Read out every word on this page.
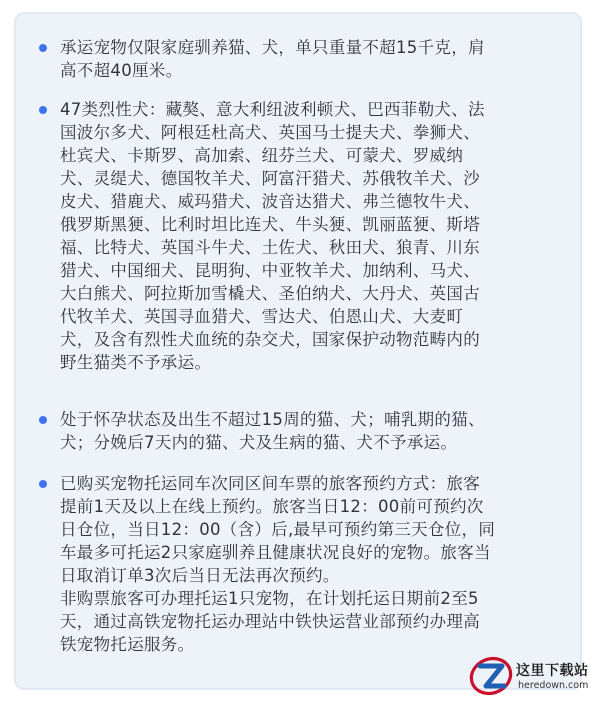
承运宠物仅限家庭驯养猫、犬，单只重量不超15千克，肩
高不超40厘米。
47类烈性犬：藏獒、意大利纽波利顿犬、巴西菲勒犬、法
国波尔多犬、阿根廷杜高犬、英国马士提夫犬、拳狮犬、
杜宾犬、卡斯罗、高加索、纽芬兰犬、可蒙犬、罗威纳
犬、灵缇犬、德国牧羊犬、阿富汗猎犬、苏俄牧羊犬、沙
皮犬、猎鹿犬、威玛猎犬、波音达猎犬、弗兰德牧牛犬、
俄罗斯黑㹴、比利时坦比连犬、牛头㹴、凯丽蓝㹴、斯塔
福、比特犬、英国斗牛犬、土佐犬、秋田犬、狼青、川东
猎犬、中国细犬、昆明狗、中亚牧羊犬、加纳利、马犬、
大白熊犬、阿拉斯加雪橇犬、圣伯纳犬、大丹犬、英国古
代牧羊犬、英国寻血猎犬、雪达犬、伯恩山犬、大麦町
犬，及含有烈性犬血统的杂交犬，国家保护动物范畴内的
野生猫类不予承运。
处于怀孕状态及出生不超过15周的猫、犬；哺乳期的猫、
犬；分娩后7天内的猫、犬及生病的猫、犬不予承运。
已购买宠物托运同车次同区间车票的旅客预约方式：旅客
提前1天及以上在线上预约。旅客当日12：00前可预约次
日仓位，当日12：00（含）后,最早可预约第三天仓位，同
车最多可托运2只家庭驯养且健康状况良好的宠物。旅客当
日取消订单3次后当日无法再次预约。
非购票旅客可办理托运1只宠物，在计划托运日期前2至5
天，通过高铁宠物托运办理站中铁快运营业部预约办理高
铁宠物托运服务。
这里下载站
heredown.com
